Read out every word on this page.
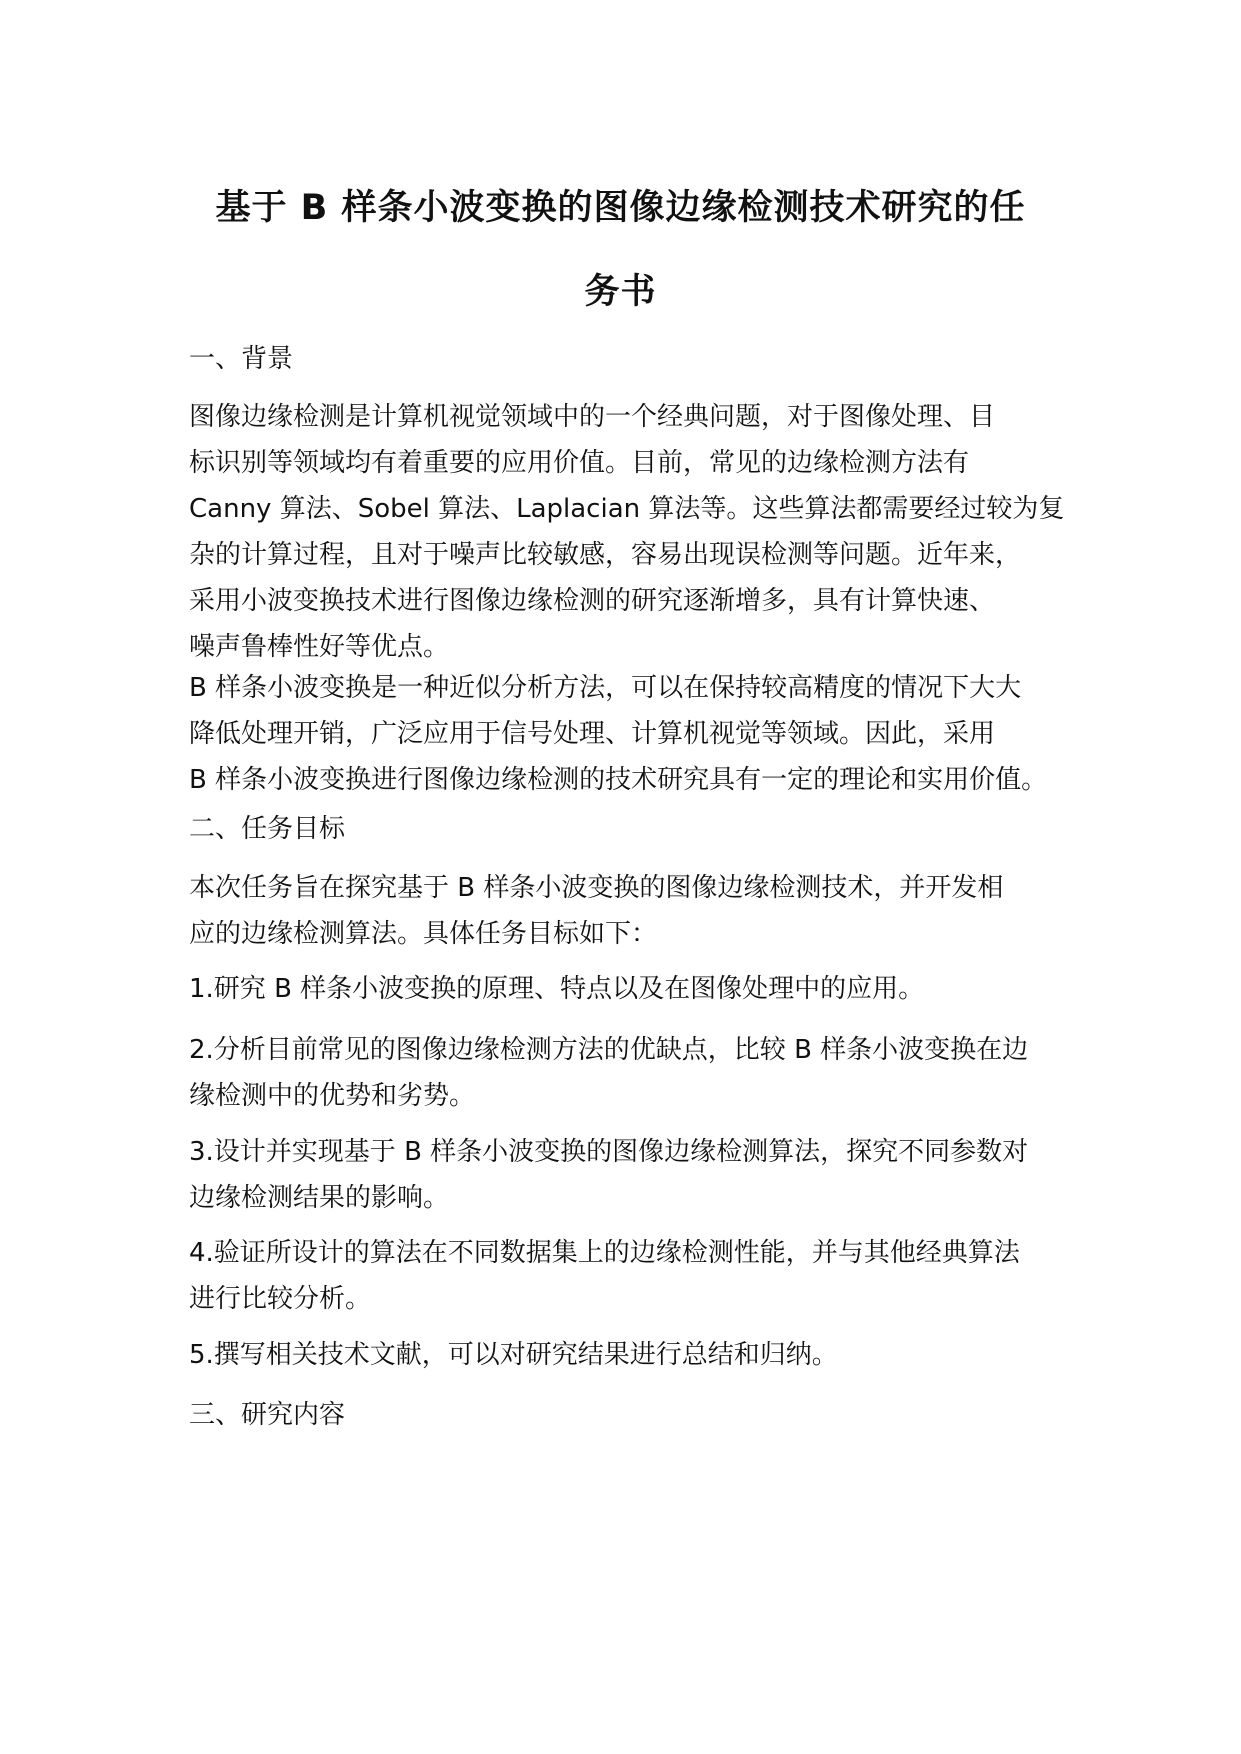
基于 B 样条小波变换的图像边缘检测技术研究的任
务书
一、背景
图像边缘检测是计算机视觉领域中的一个经典问题，对于图像处理、目
标识别等领域均有着重要的应用价值。目前，常见的边缘检测方法有
Canny 算法、Sobel 算法、Laplacian 算法等。这些算法都需要经过较为复
杂的计算过程，且对于噪声比较敏感，容易出现误检测等问题。近年来，
采用小波变换技术进行图像边缘检测的研究逐渐增多，具有计算快速、
噪声鲁棒性好等优点。
B 样条小波变换是一种近似分析方法，可以在保持较高精度的情况下大大
降低处理开销，广泛应用于信号处理、计算机视觉等领域。因此，采用
B 样条小波变换进行图像边缘检测的技术研究具有一定的理论和实用价值。
二、任务目标
本次任务旨在探究基于 B 样条小波变换的图像边缘检测技术，并开发相
应的边缘检测算法。具体任务目标如下：
1.研究 B 样条小波变换的原理、特点以及在图像处理中的应用。
2.分析目前常见的图像边缘检测方法的优缺点，比较 B 样条小波变换在边
缘检测中的优势和劣势。
3.设计并实现基于 B 样条小波变换的图像边缘检测算法，探究不同参数对
边缘检测结果的影响。
4.验证所设计的算法在不同数据集上的边缘检测性能，并与其他经典算法
进行比较分析。
5.撰写相关技术文献，可以对研究结果进行总结和归纳。
三、研究内容
